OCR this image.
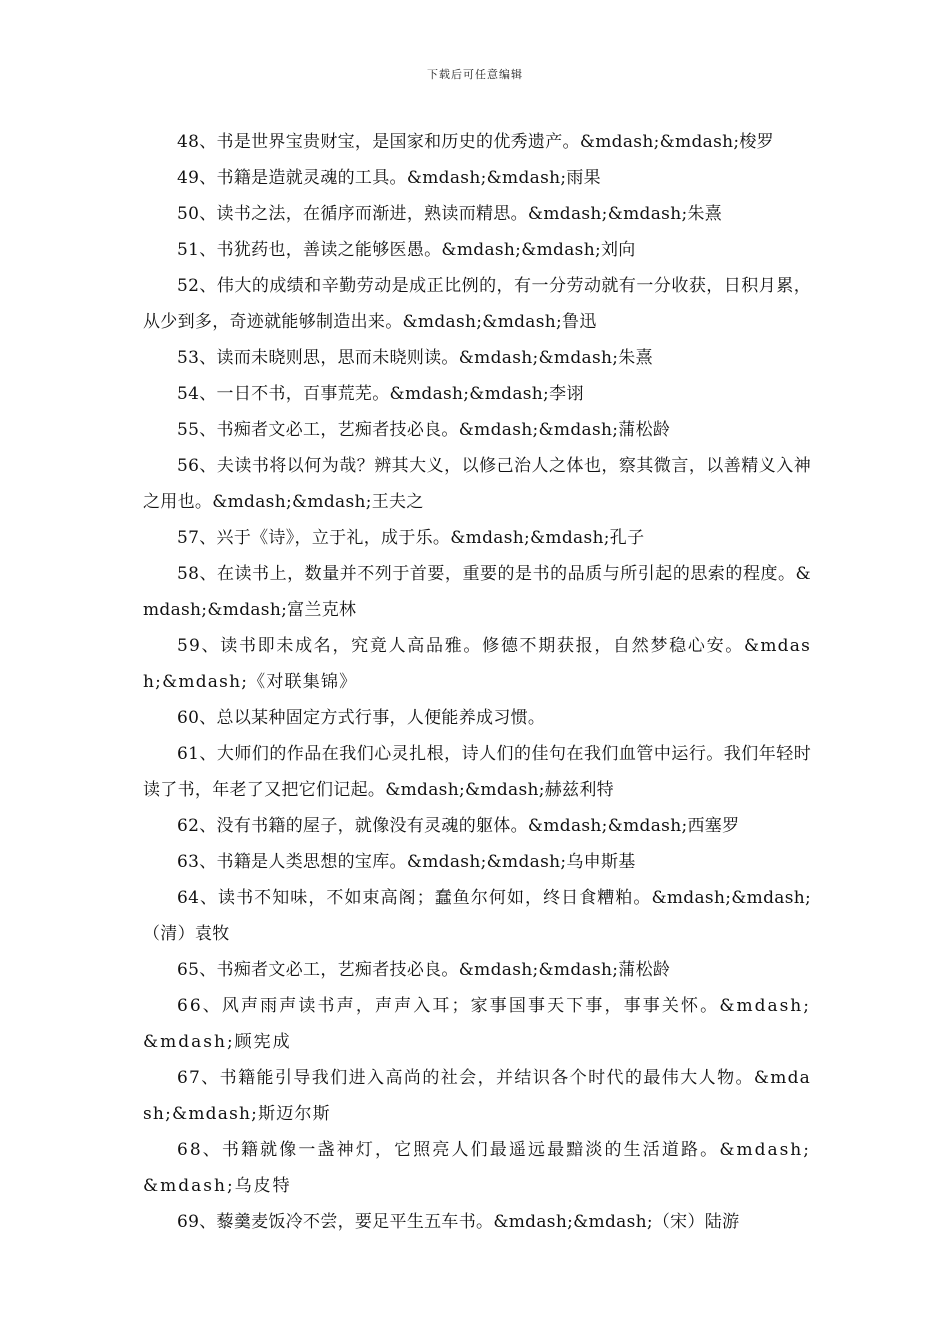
下载后可任意编辑

48、书是世界宝贵财宝，是国家和历史的优秀遗产。&mdash;&mdash;梭罗

49、书籍是造就灵魂的工具。&mdash;&mdash;雨果

50、读书之法，在循序而渐进，熟读而精思。&mdash;&mdash;朱熹

51、书犹药也，善读之能够医愚。&mdash;&mdash;刘向

52、伟大的成绩和辛勤劳动是成正比例的，有一分劳动就有一分收获，日积月累，从少到多，奇迹就能够制造出来。&mdash;&mdash;鲁迅

53、读而未晓则思，思而未晓则读。&mdash;&mdash;朱熹

54、一日不书，百事荒芜。&mdash;&mdash;李诩

55、书痴者文必工，艺痴者技必良。&mdash;&mdash;蒲松龄

56、夫读书将以何为哉？辨其大义，以修己治人之体也，察其微言，以善精义入神之用也。&mdash;&mdash;王夫之

57、兴于《诗》，立于礼，成于乐。&mdash;&mdash;孔子

58、在读书上，数量并不列于首要，重要的是书的品质与所引起的思索的程度。&mdash;&mdash;富兰克林

59、读书即未成名，究竟人高品雅。修德不期获报，自然梦稳心安。&mdash;&mdash;《对联集锦》

60、总以某种固定方式行事，人便能养成习惯。

61、大师们的作品在我们心灵扎根，诗人们的佳句在我们血管中运行。我们年轻时读了书，年老了又把它们记起。&mdash;&mdash;赫兹利特

62、没有书籍的屋子，就像没有灵魂的躯体。&mdash;&mdash;西塞罗

63、书籍是人类思想的宝库。&mdash;&mdash;乌申斯基

64、读书不知味，不如束高阁；蠢鱼尔何如，终日食糟粕。&mdash;&mdash;（清）袁牧

65、书痴者文必工，艺痴者技必良。&mdash;&mdash;蒲松龄

66、风声雨声读书声，声声入耳；家事国事天下事，事事关怀。&mdash;&mdash;顾宪成

67、书籍能引导我们进入高尚的社会，并结识各个时代的最伟大人物。&mdash;&mdash;斯迈尔斯

68、书籍就像一盏神灯，它照亮人们最遥远最黯淡的生活道路。&mdash;&mdash;乌皮特

69、藜羹麦饭冷不尝，要足平生五车书。&mdash;&mdash;（宋）陆游
